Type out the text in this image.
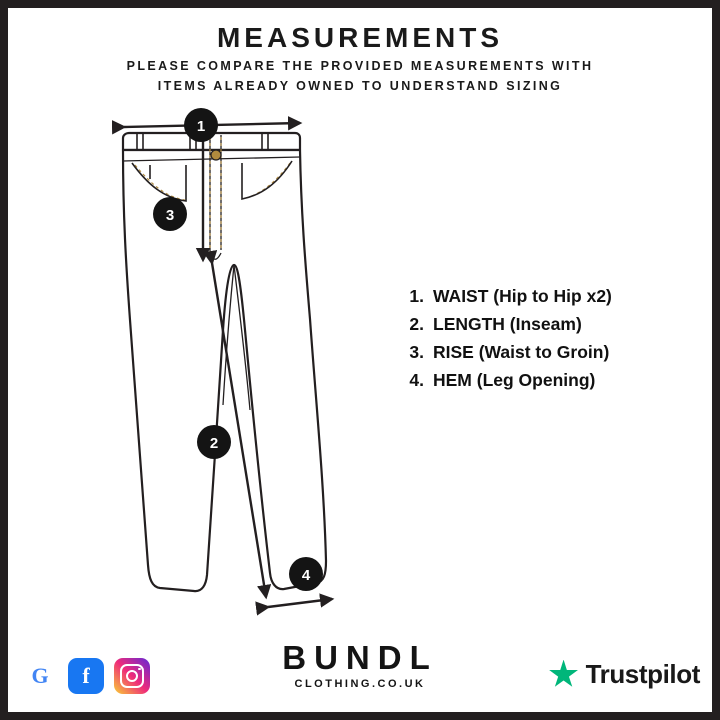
MEASUREMENTS
PLEASE COMPARE THE PROVIDED MEASUREMENTS WITH
ITEMS ALREADY OWNED TO UNDERSTAND SIZING
1
3
2
4
1. WAIST (Hip to Hip x2)
2. LENGTH (Inseam)
3. RISE (Waist to Groin)
4. HEM (Leg Opening)
G f	BUNDL
CLOTHING.CO.UK	Trustpilot
